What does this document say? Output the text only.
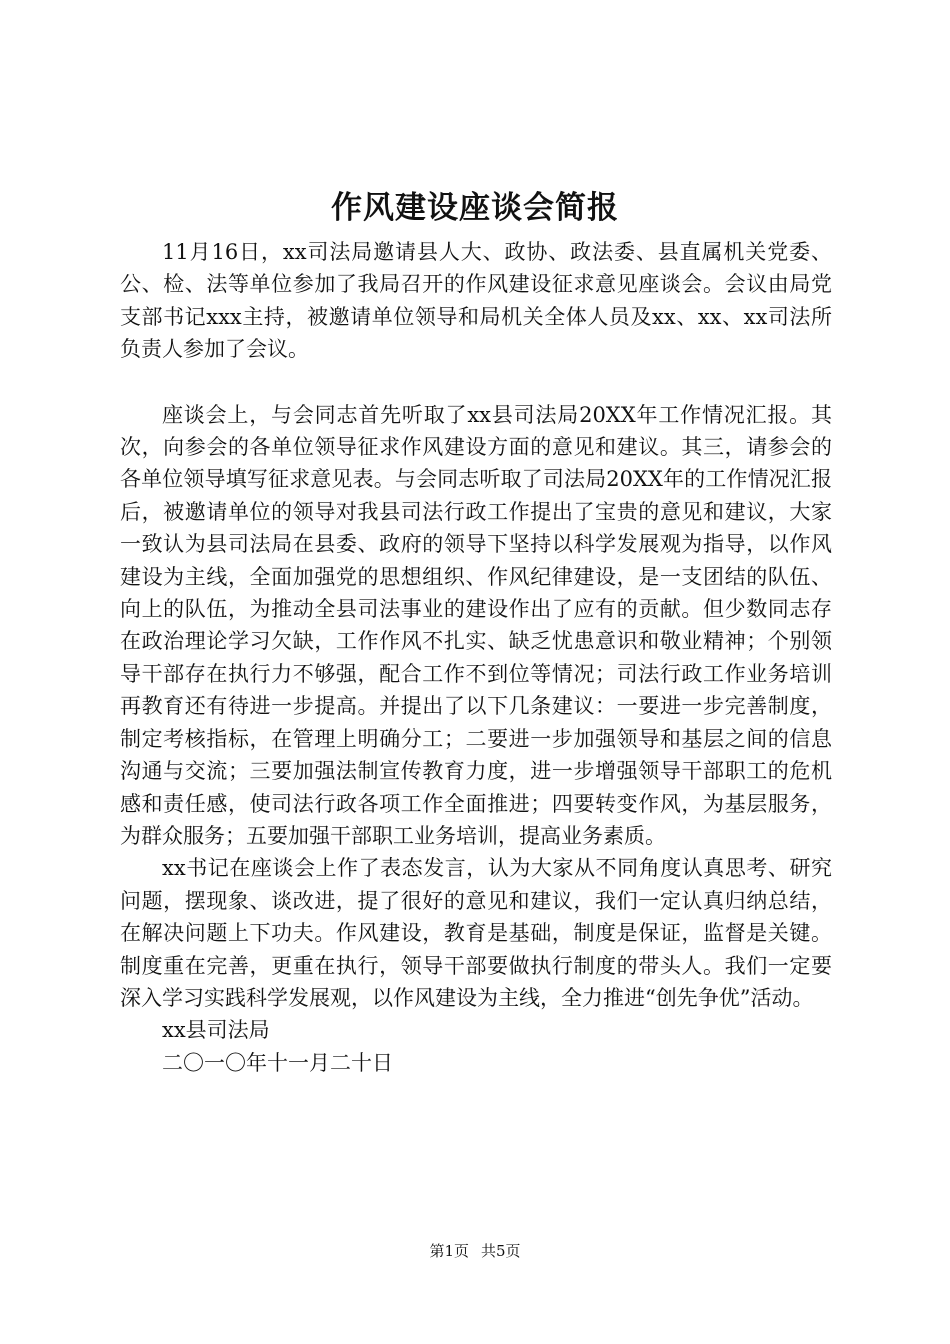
作风建设座谈会简报

11月16日，xx司法局邀请县人大、政协、政法委、县直属机关党委、公、检、法等单位参加了我局召开的作风建设征求意见座谈会。会议由局党支部书记xxx主持，被邀请单位领导和局机关全体人员及xx、xx、xx司法所负责人参加了会议。

座谈会上，与会同志首先听取了xx县司法局20XX年工作情况汇报。其次，向参会的各单位领导征求作风建设方面的意见和建议。其三，请参会的各单位领导填写征求意见表。与会同志听取了司法局20XX年的工作情况汇报后，被邀请单位的领导对我县司法行政工作提出了宝贵的意见和建议，大家一致认为县司法局在县委、政府的领导下坚持以科学发展观为指导，以作风建设为主线，全面加强党的思想组织、作风纪律建设，是一支团结的队伍、向上的队伍，为推动全县司法事业的建设作出了应有的贡献。但少数同志存在政治理论学习欠缺，工作作风不扎实、缺乏忧患意识和敬业精神；个别领导干部存在执行力不够强，配合工作不到位等情况；司法行政工作业务培训再教育还有待进一步提高。并提出了以下几条建议：一要进一步完善制度，制定考核指标，在管理上明确分工；二要进一步加强领导和基层之间的信息沟通与交流；三要加强法制宣传教育力度，进一步增强领导干部职工的危机感和责任感，使司法行政各项工作全面推进；四要转变作风，为基层服务，为群众服务；五要加强干部职工业务培训，提高业务素质。

xx书记在座谈会上作了表态发言，认为大家从不同角度认真思考、研究问题，摆现象、谈改进，提了很好的意见和建议，我们一定认真归纳总结，在解决问题上下功夫。作风建设，教育是基础，制度是保证，监督是关键。制度重在完善，更重在执行，领导干部要做执行制度的带头人。我们一定要深入学习实践科学发展观，以作风建设为主线，全力推进“创先争优”活动。

xx县司法局

二〇一〇年十一月二十日

第1页 共5页
